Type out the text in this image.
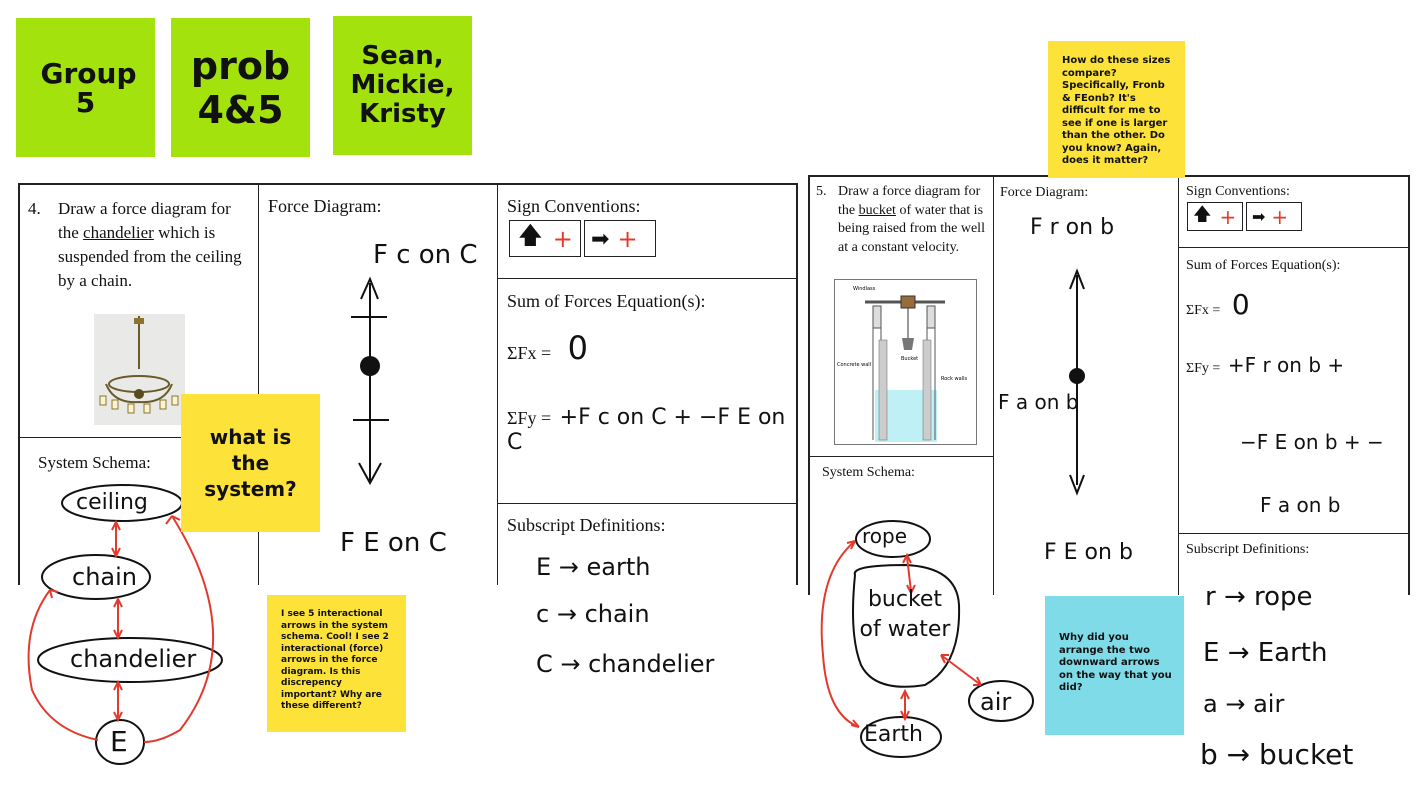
Group 5
prob 4&5
Sean, Mickie, Kristy
4. Draw a force diagram for the chandelier which is suspended from the ceiling by a chain.
Force Diagram:
F c on C
F E on C
Sign Conventions:
🡅 + ➡ +
Sum of Forces Equation(s):
ΣFx = 0
ΣFy = +F c on C + −F E on C
Subscript Definitions:
E → earth
System Schema:
c → chain
C → chandelier
ceiling
chain
chandelier
E
5. Draw a force diagram for the bucket of water that is being raised from the well at a constant velocity.
Windlass
Bucket
Concrete wall
Rock walls
Force Diagram:
F r on b
F a on b
F E on b
Sign Conventions:
🡅 + ➡ +
Sum of Forces Equation(s):
ΣFx = 0
ΣFy = +F r on b +
−F E on b + −
F a on b
Subscript Definitions:
System Schema:
r → rope
E → Earth
a → air
b → bucket
rope
bucket of water
air
Earth
How do these sizes compare? Specifically, Fronb & FEonb? It's difficult for me to see if one is larger than the other. Do you know? Again, does it matter?
what is the system?
I see 5 interactional arrows in the system schema. Cool! I see 2 interactional (force) arrows in the force diagram. Is this discrepency important? Why are these different?
Why did you arrange the two downward arrows on the way that you did?
